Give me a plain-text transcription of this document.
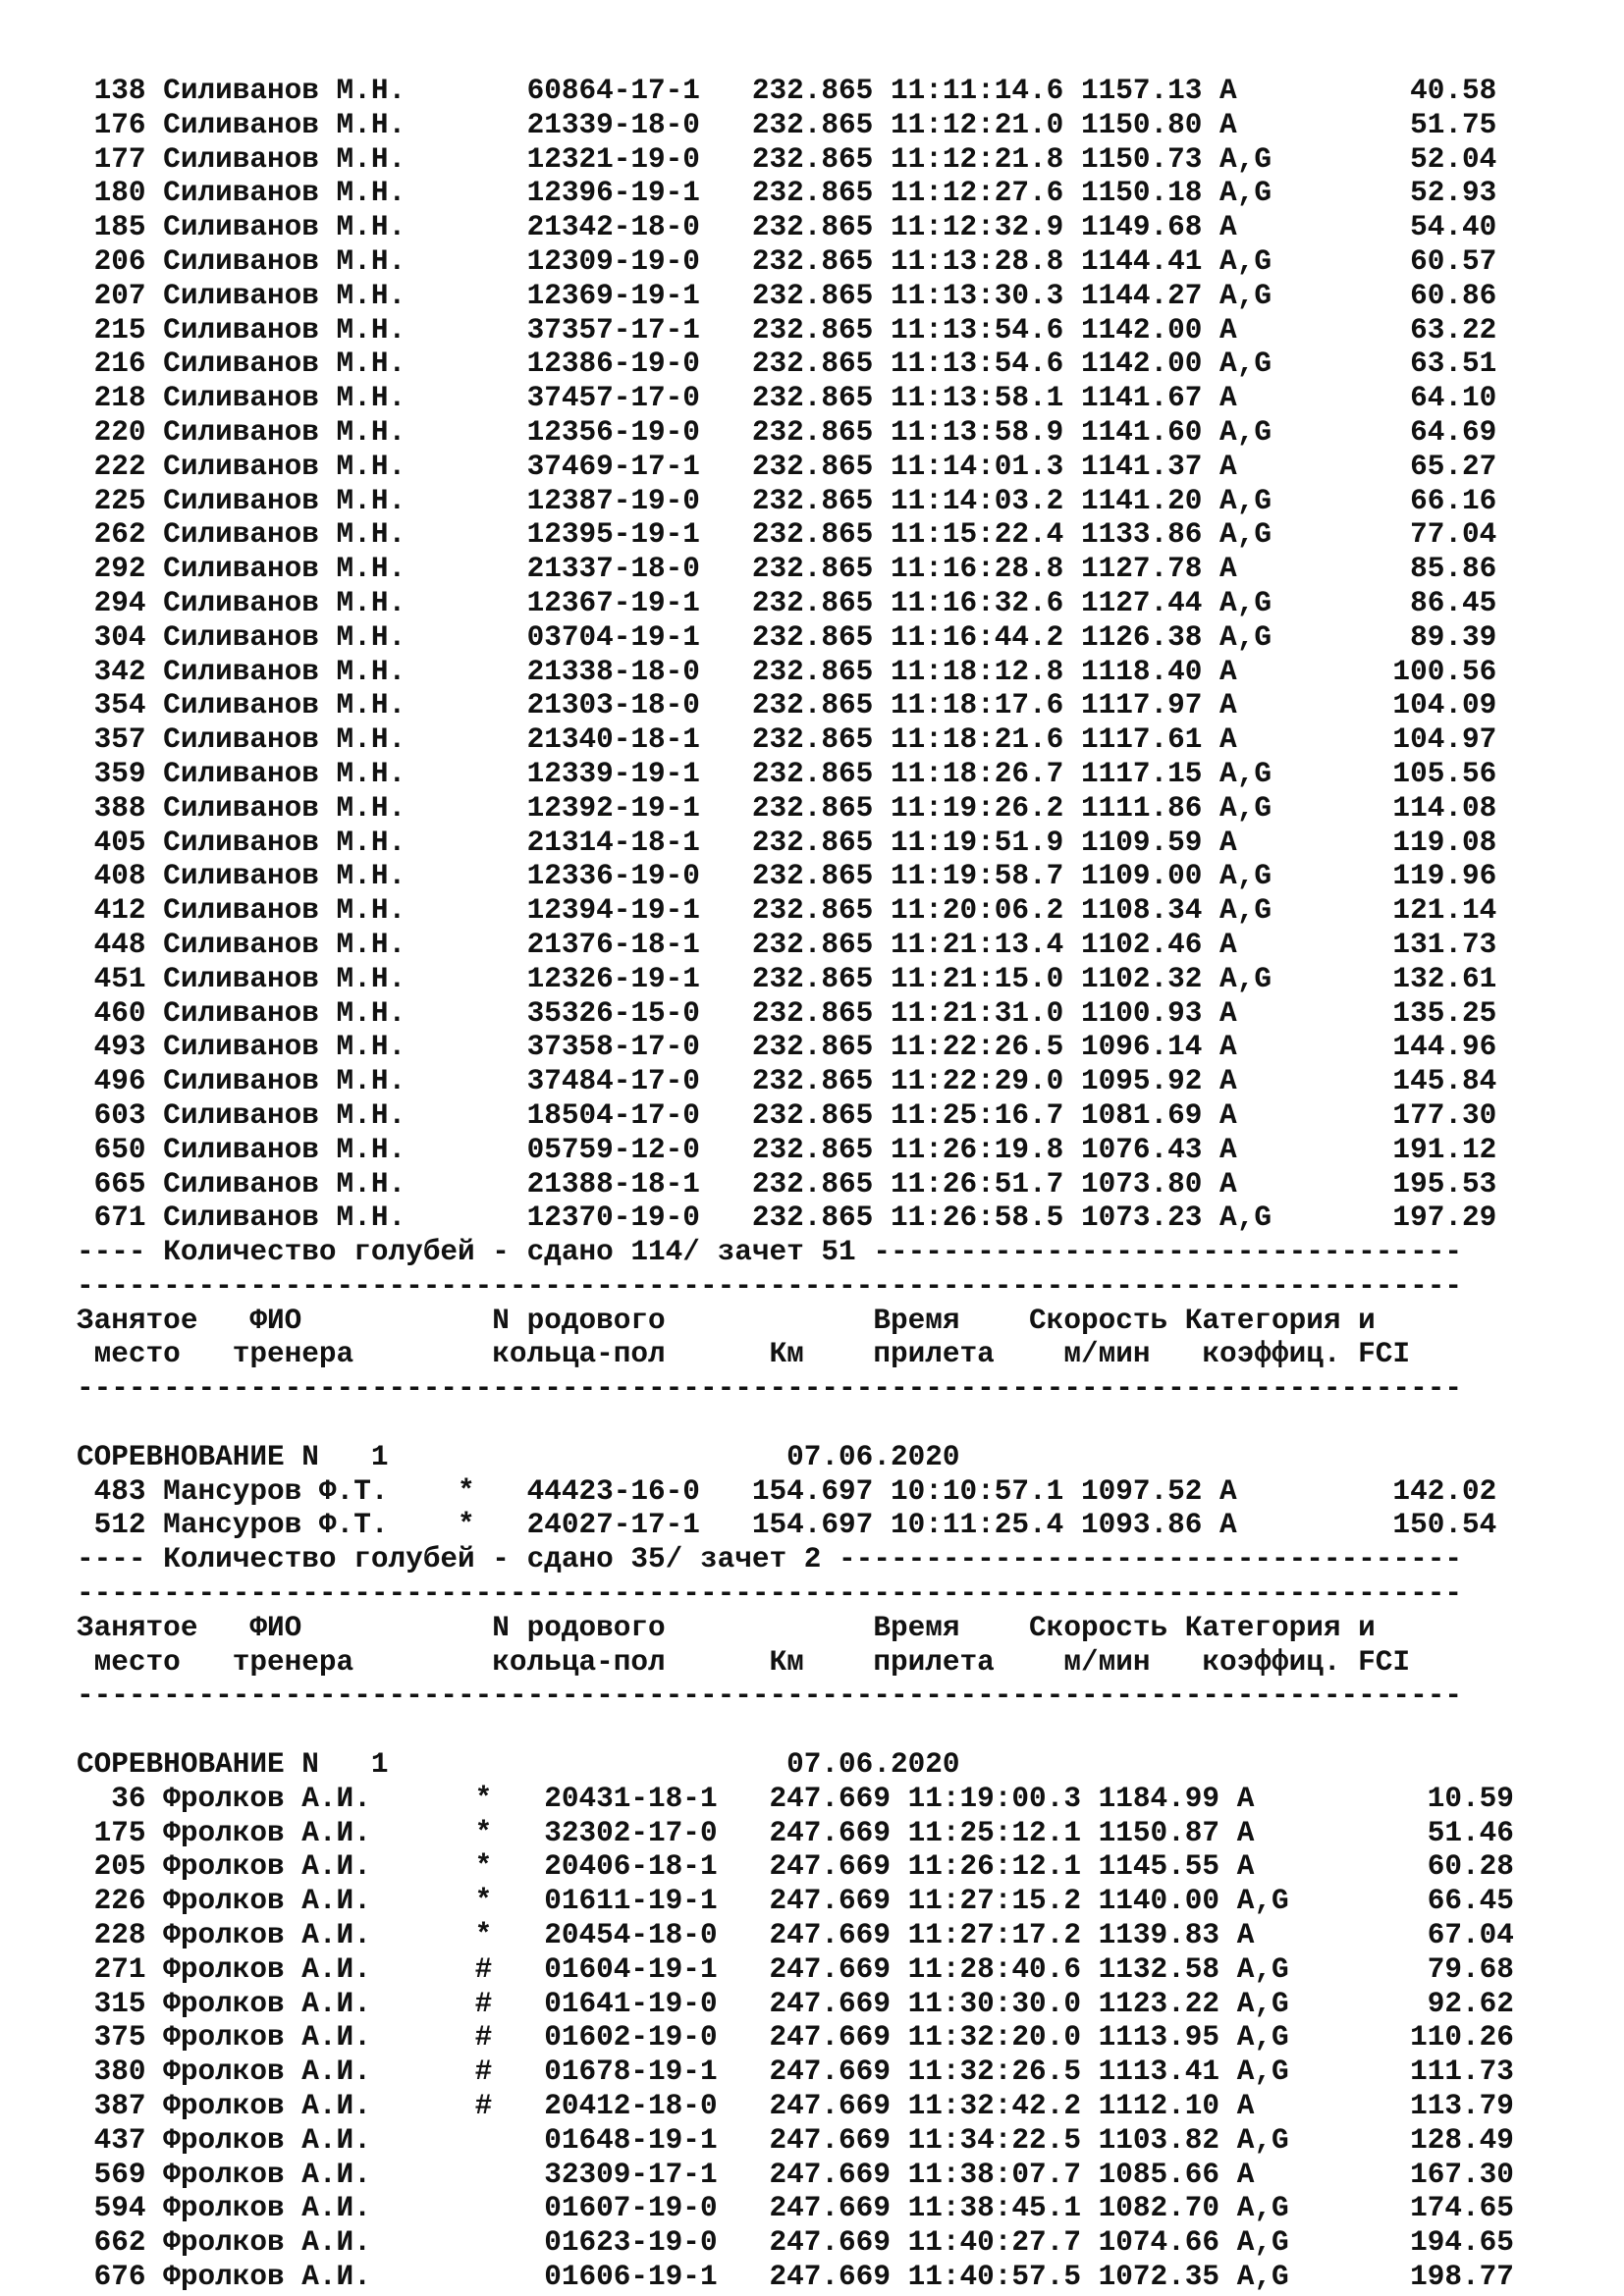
138 Силиванов М.Н.       60864-17-1   232.865 11:11:14.6 1157.13 A          40.58
176 Силиванов М.Н.       21339-18-0   232.865 11:12:21.0 1150.80 A          51.75
177 Силиванов М.Н.       12321-19-0   232.865 11:12:21.8 1150.73 A,G        52.04
180 Силиванов М.Н.       12396-19-1   232.865 11:12:27.6 1150.18 A,G        52.93
185 Силиванов М.Н.       21342-18-0   232.865 11:12:32.9 1149.68 A          54.40
206 Силиванов М.Н.       12309-19-0   232.865 11:13:28.8 1144.41 A,G        60.57
207 Силиванов М.Н.       12369-19-1   232.865 11:13:30.3 1144.27 A,G        60.86
215 Силиванов М.Н.       37357-17-1   232.865 11:13:54.6 1142.00 A          63.22
216 Силиванов М.Н.       12386-19-0   232.865 11:13:54.6 1142.00 A,G        63.51
218 Силиванов М.Н.       37457-17-0   232.865 11:13:58.1 1141.67 A          64.10
220 Силиванов М.Н.       12356-19-0   232.865 11:13:58.9 1141.60 A,G        64.69
222 Силиванов М.Н.       37469-17-1   232.865 11:14:01.3 1141.37 A          65.27
225 Силиванов М.Н.       12387-19-0   232.865 11:14:03.2 1141.20 A,G        66.16
262 Силиванов М.Н.       12395-19-1   232.865 11:15:22.4 1133.86 A,G        77.04
292 Силиванов М.Н.       21337-18-0   232.865 11:16:28.8 1127.78 A          85.86
294 Силиванов М.Н.       12367-19-1   232.865 11:16:32.6 1127.44 A,G        86.45
304 Силиванов М.Н.       03704-19-1   232.865 11:16:44.2 1126.38 A,G        89.39
342 Силиванов М.Н.       21338-18-0   232.865 11:18:12.8 1118.40 A         100.56
354 Силиванов М.Н.       21303-18-0   232.865 11:18:17.6 1117.97 A         104.09
357 Силиванов М.Н.       21340-18-1   232.865 11:18:21.6 1117.61 A         104.97
359 Силиванов М.Н.       12339-19-1   232.865 11:18:26.7 1117.15 A,G       105.56
388 Силиванов М.Н.       12392-19-1   232.865 11:19:26.2 1111.86 A,G       114.08
405 Силиванов М.Н.       21314-18-1   232.865 11:19:51.9 1109.59 A         119.08
408 Силиванов М.Н.       12336-19-0   232.865 11:19:58.7 1109.00 A,G       119.96
412 Силиванов М.Н.       12394-19-1   232.865 11:20:06.2 1108.34 A,G       121.14
448 Силиванов М.Н.       21376-18-1   232.865 11:21:13.4 1102.46 A         131.73
451 Силиванов М.Н.       12326-19-1   232.865 11:21:15.0 1102.32 A,G       132.61
460 Силиванов М.Н.       35326-15-0   232.865 11:21:31.0 1100.93 A         135.25
493 Силиванов М.Н.       37358-17-0   232.865 11:22:26.5 1096.14 A         144.96
496 Силиванов М.Н.       37484-17-0   232.865 11:22:29.0 1095.92 A         145.84
603 Силиванов М.Н.       18504-17-0   232.865 11:25:16.7 1081.69 A         177.30
650 Силиванов М.Н.       05759-12-0   232.865 11:26:19.8 1076.43 A         191.12
665 Силиванов М.Н.       21388-18-1   232.865 11:26:51.7 1073.80 A         195.53
671 Силиванов М.Н.       12370-19-0   232.865 11:26:58.5 1073.23 A,G       197.29
---- Количество голубей - сдано 114/ зачет 51 ----------------------------------
--------------------------------------------------------------------------------
Занятое   ФИО           N родового            Время    Скорость Категория и
место   тренера        кольца-пол      Км    прилета    м/мин   коэффиц. FCI
--------------------------------------------------------------------------------
СОРЕВНОВАНИЕ N   1                       07.06.2020
483 Мансуров Ф.Т.    *   44423-16-0   154.697 10:10:57.1 1097.52 A         142.02
512 Мансуров Ф.Т.    *   24027-17-1   154.697 10:11:25.4 1093.86 A         150.54
---- Количество голубей - сдано 35/ зачет 2 ------------------------------------
--------------------------------------------------------------------------------
Занятое   ФИО           N родового            Время    Скорость Категория и
место   тренера        кольца-пол      Км    прилета    м/мин   коэффиц. FCI
--------------------------------------------------------------------------------
СОРЕВНОВАНИЕ N   1                       07.06.2020
36 Фролков А.И.      *   20431-18-1   247.669 11:19:00.3 1184.99 A          10.59
175 Фролков А.И.      *   32302-17-0   247.669 11:25:12.1 1150.87 A          51.46
205 Фролков А.И.      *   20406-18-1   247.669 11:26:12.1 1145.55 A          60.28
226 Фролков А.И.      *   01611-19-1   247.669 11:27:15.2 1140.00 A,G        66.45
228 Фролков А.И.      *   20454-18-0   247.669 11:27:17.2 1139.83 A          67.04
271 Фролков А.И.      #   01604-19-1   247.669 11:28:40.6 1132.58 A,G        79.68
315 Фролков А.И.      #   01641-19-0   247.669 11:30:30.0 1123.22 A,G        92.62
375 Фролков А.И.      #   01602-19-0   247.669 11:32:20.0 1113.95 A,G       110.26
380 Фролков А.И.      #   01678-19-1   247.669 11:32:26.5 1113.41 A,G       111.73
387 Фролков А.И.      #   20412-18-0   247.669 11:32:42.2 1112.10 A         113.79
437 Фролков А.И.          01648-19-1   247.669 11:34:22.5 1103.82 A,G       128.49
569 Фролков А.И.          32309-17-1   247.669 11:38:07.7 1085.66 A         167.30
594 Фролков А.И.          01607-19-0   247.669 11:38:45.1 1082.70 A,G       174.65
662 Фролков А.И.          01623-19-0   247.669 11:40:27.7 1074.66 A,G       194.65
676 Фролков А.И.          01606-19-1   247.669 11:40:57.5 1072.35 A,G       198.77
